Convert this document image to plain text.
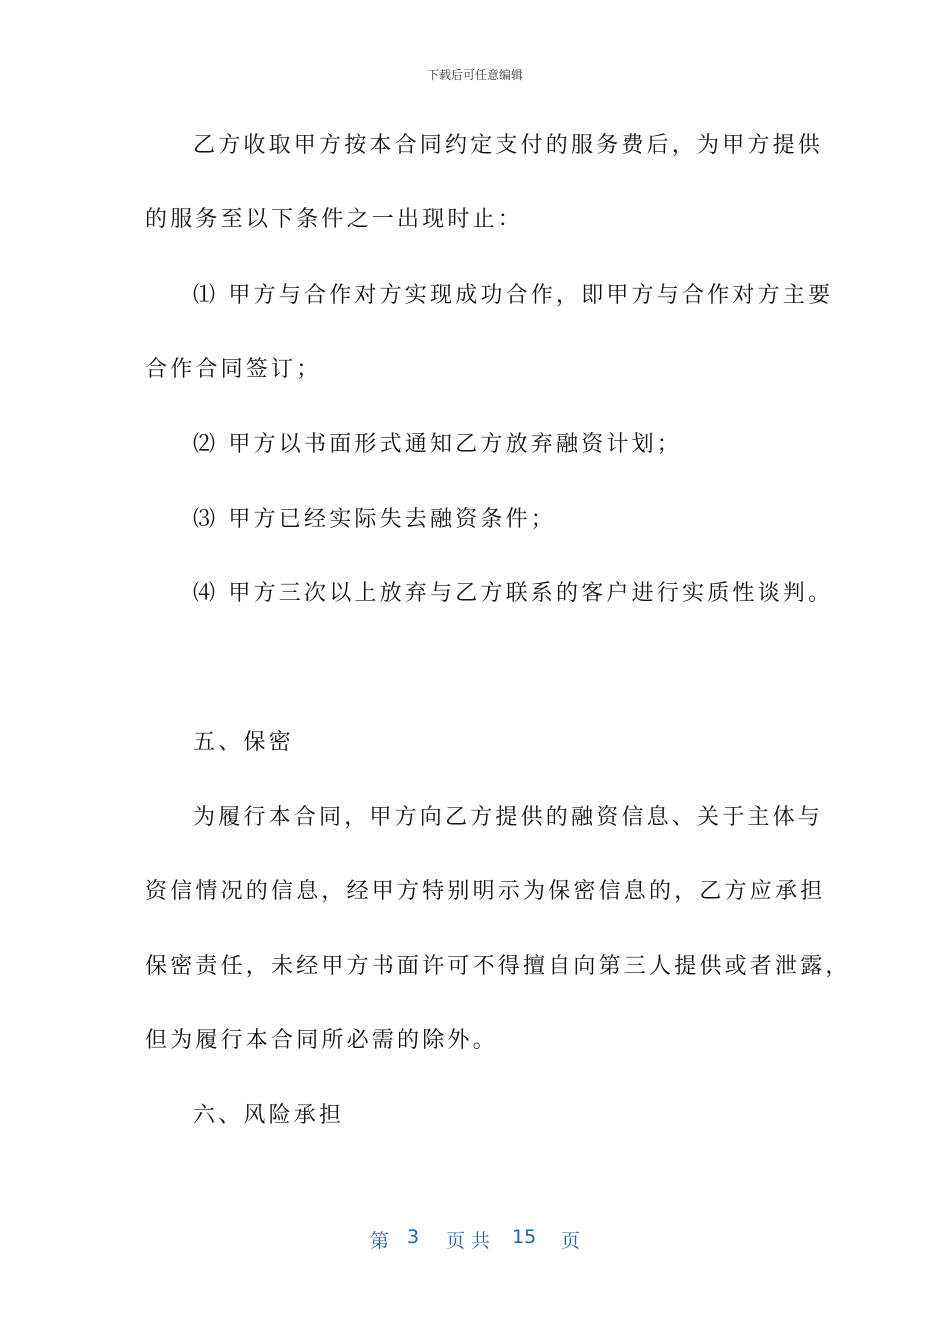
下载后可任意编辑
乙方收取甲方按本合同约定支付的服务费后，为甲方提供
的服务至以下条件之一出现时止：
⑴ 甲方与合作对方实现成功合作，即甲方与合作对方主要
合作合同签订；
⑵ 甲方以书面形式通知乙方放弃融资计划；
⑶ 甲方已经实际失去融资条件；
⑷ 甲方三次以上放弃与乙方联系的客户进行实质性谈判。
五、保密
为履行本合同，甲方向乙方提供的融资信息、关于主体与
资信情况的信息，经甲方特别明示为保密信息的，乙方应承担
保密责任，未经甲方书面许可不得擅自向第三人提供或者泄露，
但为履行本合同所必需的除外。
六、风险承担
第 3 页 共 15 页
